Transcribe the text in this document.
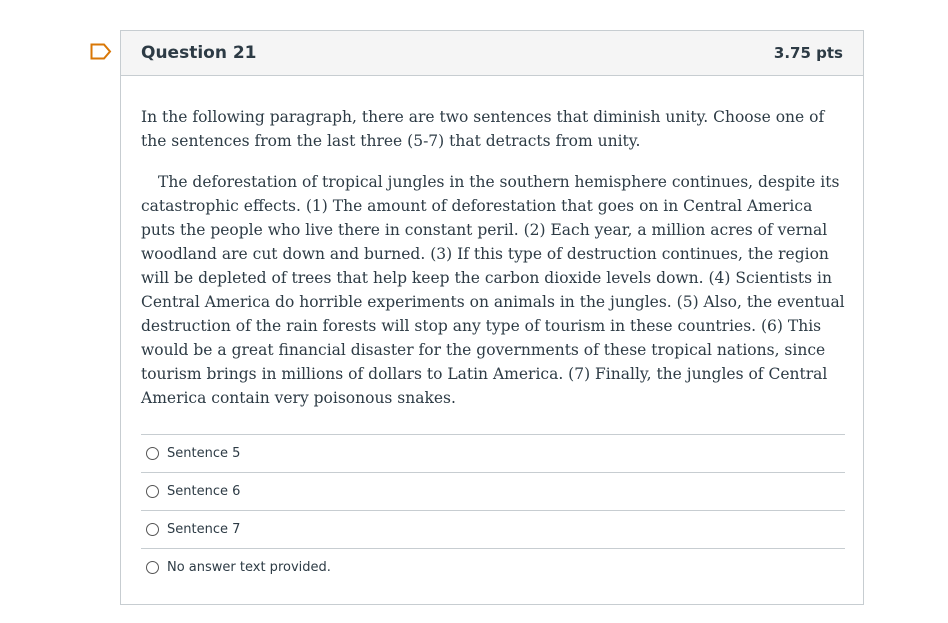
Question 21	3.75 pts

In the following paragraph, there are two sentences that diminish unity. Choose one of the sentences from the last three (5-7) that detracts from unity.

The deforestation of tropical jungles in the southern hemisphere continues, despite its catastrophic effects. (1) The amount of deforestation that goes on in Central America puts the people who live there in constant peril. (2) Each year, a million acres of vernal woodland are cut down and burned. (3) If this type of destruction continues, the region will be depleted of trees that help keep the carbon dioxide levels down. (4) Scientists in Central America do horrible experiments on animals in the jungles. (5) Also, the eventual destruction of the rain forests will stop any type of tourism in these countries. (6) This would be a great financial disaster for the governments of these tropical nations, since tourism brings in millions of dollars to Latin America. (7) Finally, the jungles of Central America contain very poisonous snakes.

Sentence 5
Sentence 6
Sentence 7
No answer text provided.
